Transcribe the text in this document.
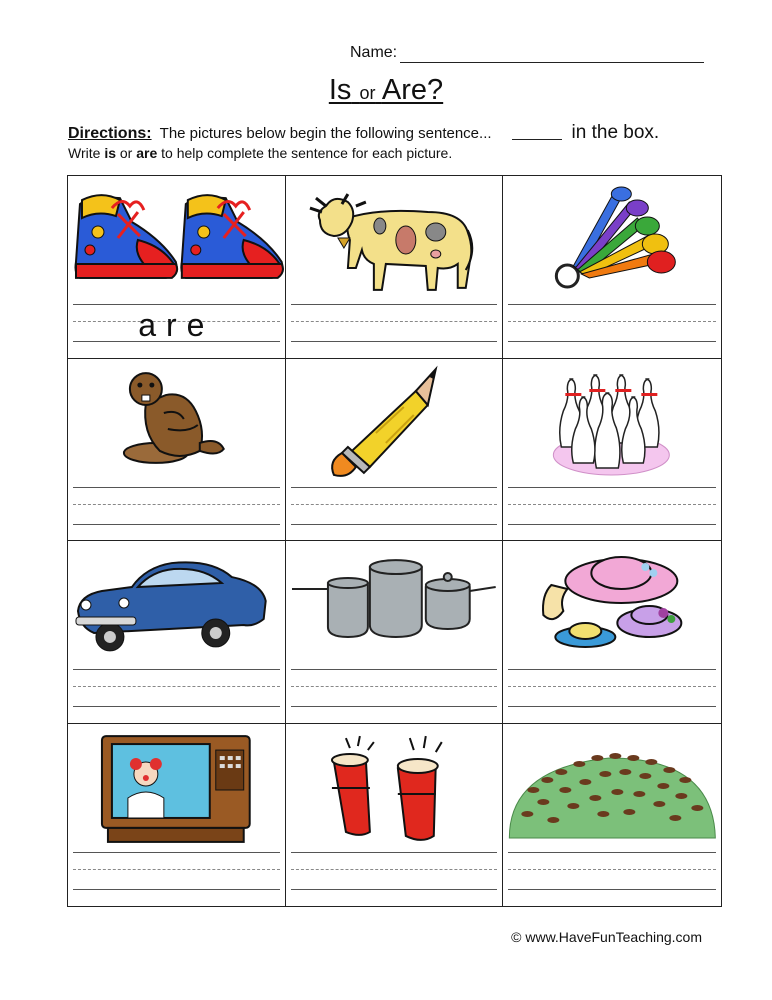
Name:
Is or Are?
Directions: The pictures below begin the following sentence...	in the box.
Write is or are to help complete the sentence for each picture.
are
© www.HaveFunTeaching.com
